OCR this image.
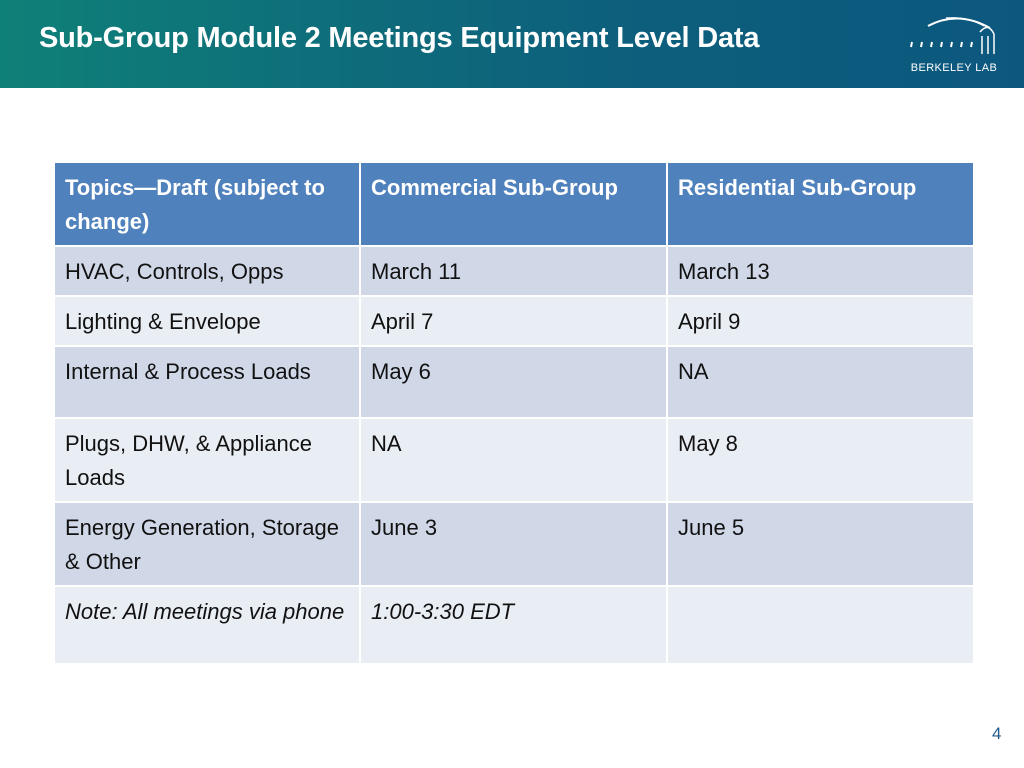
Sub-Group Module 2 Meetings Equipment Level Data
BERKELEY LAB
Topics—Draft (subject to change)	Commercial Sub-Group	Residential Sub-Group
HVAC, Controls, Opps	March 11	March 13
Lighting & Envelope	April 7	April 9
Internal & Process Loads	May 6	NA
Plugs, DHW, & Appliance Loads	NA	May 8
Energy Generation, Storage & Other	June 3	June 5
Note: All meetings via phone	1:00-3:30 EDT	
4
